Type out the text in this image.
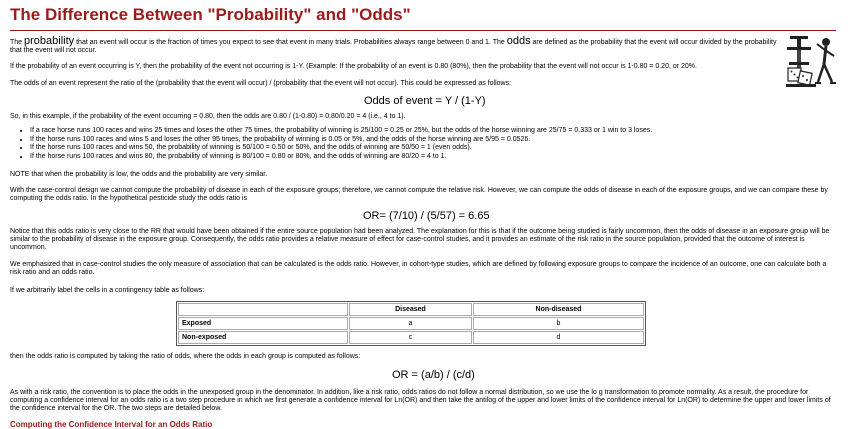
The Difference Between "Probability" and "Odds"

The probability that an event will occur is the fraction of times you expect to see that event in many trials. Probabilities always range between 0 and 1. The odds are defined as the probability that the event will occur divided by the probability that the event will not occur.

If the probability of an event occurring is Y, then the probability of the event not occurring is 1-Y. (Example: If the probability of an event is 0.80 (80%), then the probability that the event will not occur is 1-0.80 = 0.20, or 20%.

The odds of an event represent the ratio of the (probability that the event will occur) / (probability that the event will not occur). This could be expressed as follows:

Odds of event = Y / (1-Y)

So, in this example, if the probability of the event occurring = 0.80, then the odds are 0.80 / (1-0.80) = 0.80/0.20 = 4 (i.e., 4 to 1).

• If a race horse runs 100 races and wins 25 times and loses the other 75 times, the probability of winning is 25/100 = 0.25 or 25%, but the odds of the horse winning are 25/75 = 0.333 or 1 win to 3 loses.
• If the horse runs 100 races and wins 5 and loses the other 95 times, the probability of winning is 0.05 or 5%, and the odds of the horse winning are 5/95 = 0.0526.
• If the horse runs 100 races and wins 50, the probability of winning is 50/100 = 0.50 or 50%, and the odds of winning are 50/50 = 1 (even odds).
• If the horse runs 100 races and wins 80, the probability of winning is 80/100 = 0.80 or 80%, and the odds of winning are 80/20 = 4 to 1.

NOTE that when the probability is low, the odds and the probability are very similar.

With the case-control design we cannot compute the probability of disease in each of the exposure groups; therefore, we cannot compute the relative risk. However, we can compute the odds of disease in each of the exposure groups, and we can compare these by computing the odds ratio. In the hypothetical pesticide study the odds ratio is

OR= (7/10) / (5/57) = 6.65

Notice that this odds ratio is very close to the RR that would have been obtained if the entire source population had been analyzed. The explanation for this is that if the outcome being studied is fairly uncommon, then the odds of disease in an exposure group will be similar to the probability of disease in the exposure group. Consequently, the odds ratio provides a relative measure of effect for case-control studies, and it provides an estimate of the risk ratio in the source population, provided that the outcome of interest is uncommon.

We emphasized that in case-control studies the only measure of association that can be calculated is the odds ratio. However, in cohort-type studies, which are defined by following exposure groups to compare the incidence of an outcome, one can calculate both a risk ratio and an odds ratio.

If we arbitrarily label the cells in a contingency table as follows:

	Diseased	Non-diseased
Exposed	a	b
Non-exposed	c	d

then the odds ratio is computed by taking the ratio of odds, where the odds in each group is computed as follows:

OR = (a/b) / (c/d)

As with a risk ratio, the convention is to place the odds in the unexposed group in the denominator. In addition, like a risk ratio, odds ratios do not follow a normal distribution, so we use the lo g transformation to promote normality. As a result, the procedure for computing a confidence interval for an odds ratio is a two step procedure in which we first generate a confidence interval for Ln(OR) and then take the antilog of the upper and lower limits of the confidence interval for Ln(OR) to determine the upper and lower limits of the confidence interval for the OR. The two steps are detailed below.

Computing the Confidence Interval for an Odds Ratio
